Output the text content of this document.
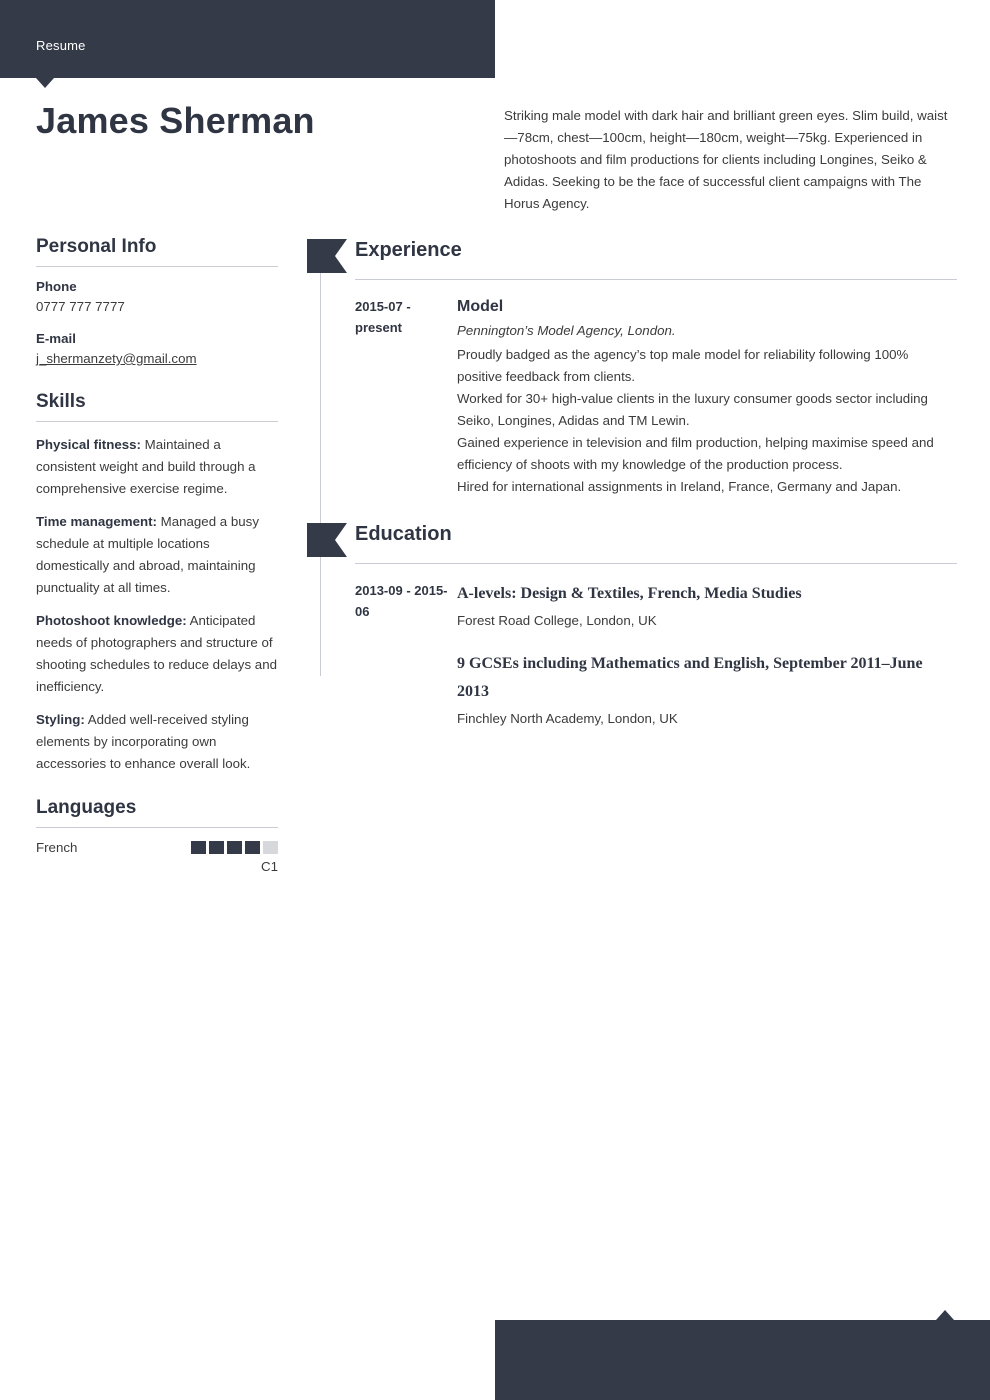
Resume
James Sherman	Striking male model with dark hair and brilliant green eyes. Slim build, waist—78cm, chest—100cm, height—180cm, weight—75kg. Experienced in photoshoots and film productions for clients including Longines, Seiko & Adidas. Seeking to be the face of successful client campaigns with The Horus Agency.
Personal Info
Phone
0777 777 7777
E-mail
j_shermanzety@gmail.com
Skills
Physical fitness: Maintained a consistent weight and build through a comprehensive exercise regime.
Time management: Managed a busy schedule at multiple locations domestically and abroad, maintaining punctuality at all times.
Photoshoot knowledge: Anticipated needs of photographers and structure of shooting schedules to reduce delays and inefficiency.
Styling: Added well-received styling elements by incorporating own accessories to enhance overall look.
Languages
French
C1
Experience
2015-07 - present
Model
Pennington’s Model Agency, London.
Proudly badged as the agency’s top male model for reliability following 100% positive feedback from clients.
Worked for 30+ high-value clients in the luxury consumer goods sector including Seiko, Longines, Adidas and TM Lewin.
Gained experience in television and film production, helping maximise speed and efficiency of shoots with my knowledge of the production process.
Hired for international assignments in Ireland, France, Germany and Japan.
Education
2013-09 - 2015-06
A-levels: Design & Textiles, French, Media Studies
Forest Road College, London, UK
9 GCSEs including Mathematics and English, September 2011–June 2013
Finchley North Academy, London, UK
